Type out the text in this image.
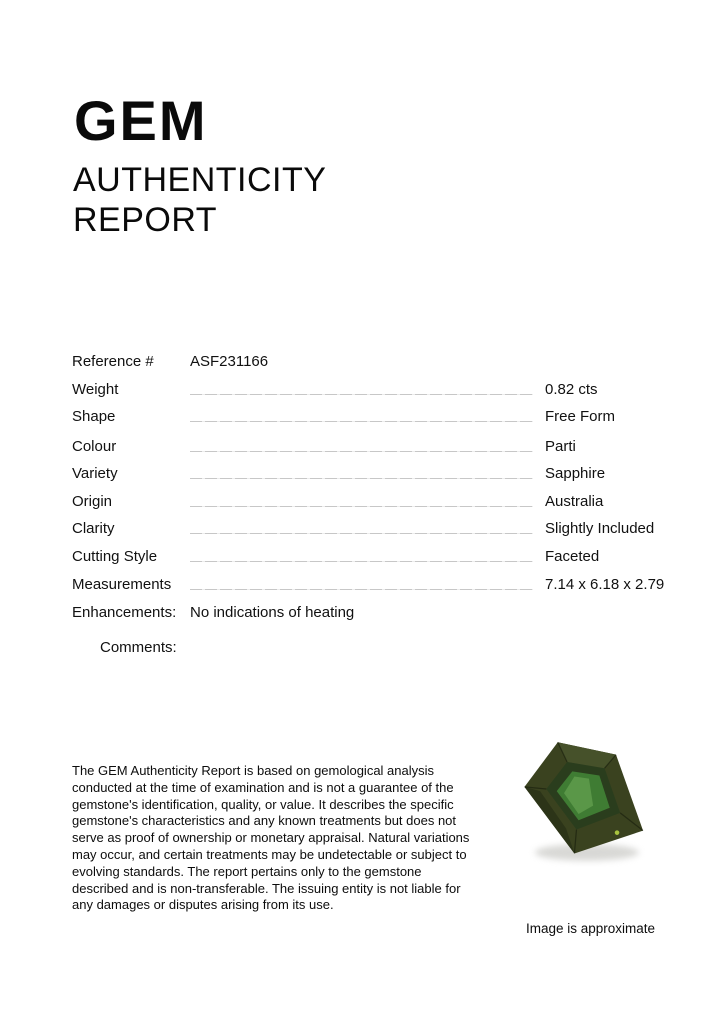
GEM
AUTHENTICITY
REPORT
Reference # ASF231166
Weight	0.82 cts
Shape	Free Form
Colour	Parti
Variety	Sapphire
Origin	Australia
Clarity	Slightly Included
Cutting Style	Faceted
Measurements	7.14 x 6.18 x 2.79
Enhancements: No indications of heating
Comments:

The GEM Authenticity Report is based on gemological analysis conducted at the time of examination and is not a guarantee of the gemstone's identification, quality, or value. It describes the specific gemstone's characteristics and any known treatments but does not serve as proof of ownership or monetary appraisal. Natural variations may occur, and certain treatments may be undetectable or subject to evolving standards. The report pertains only to the gemstone described and is non-transferable. The issuing entity is not liable for any damages or disputes arising from its use.

Image is approximate
